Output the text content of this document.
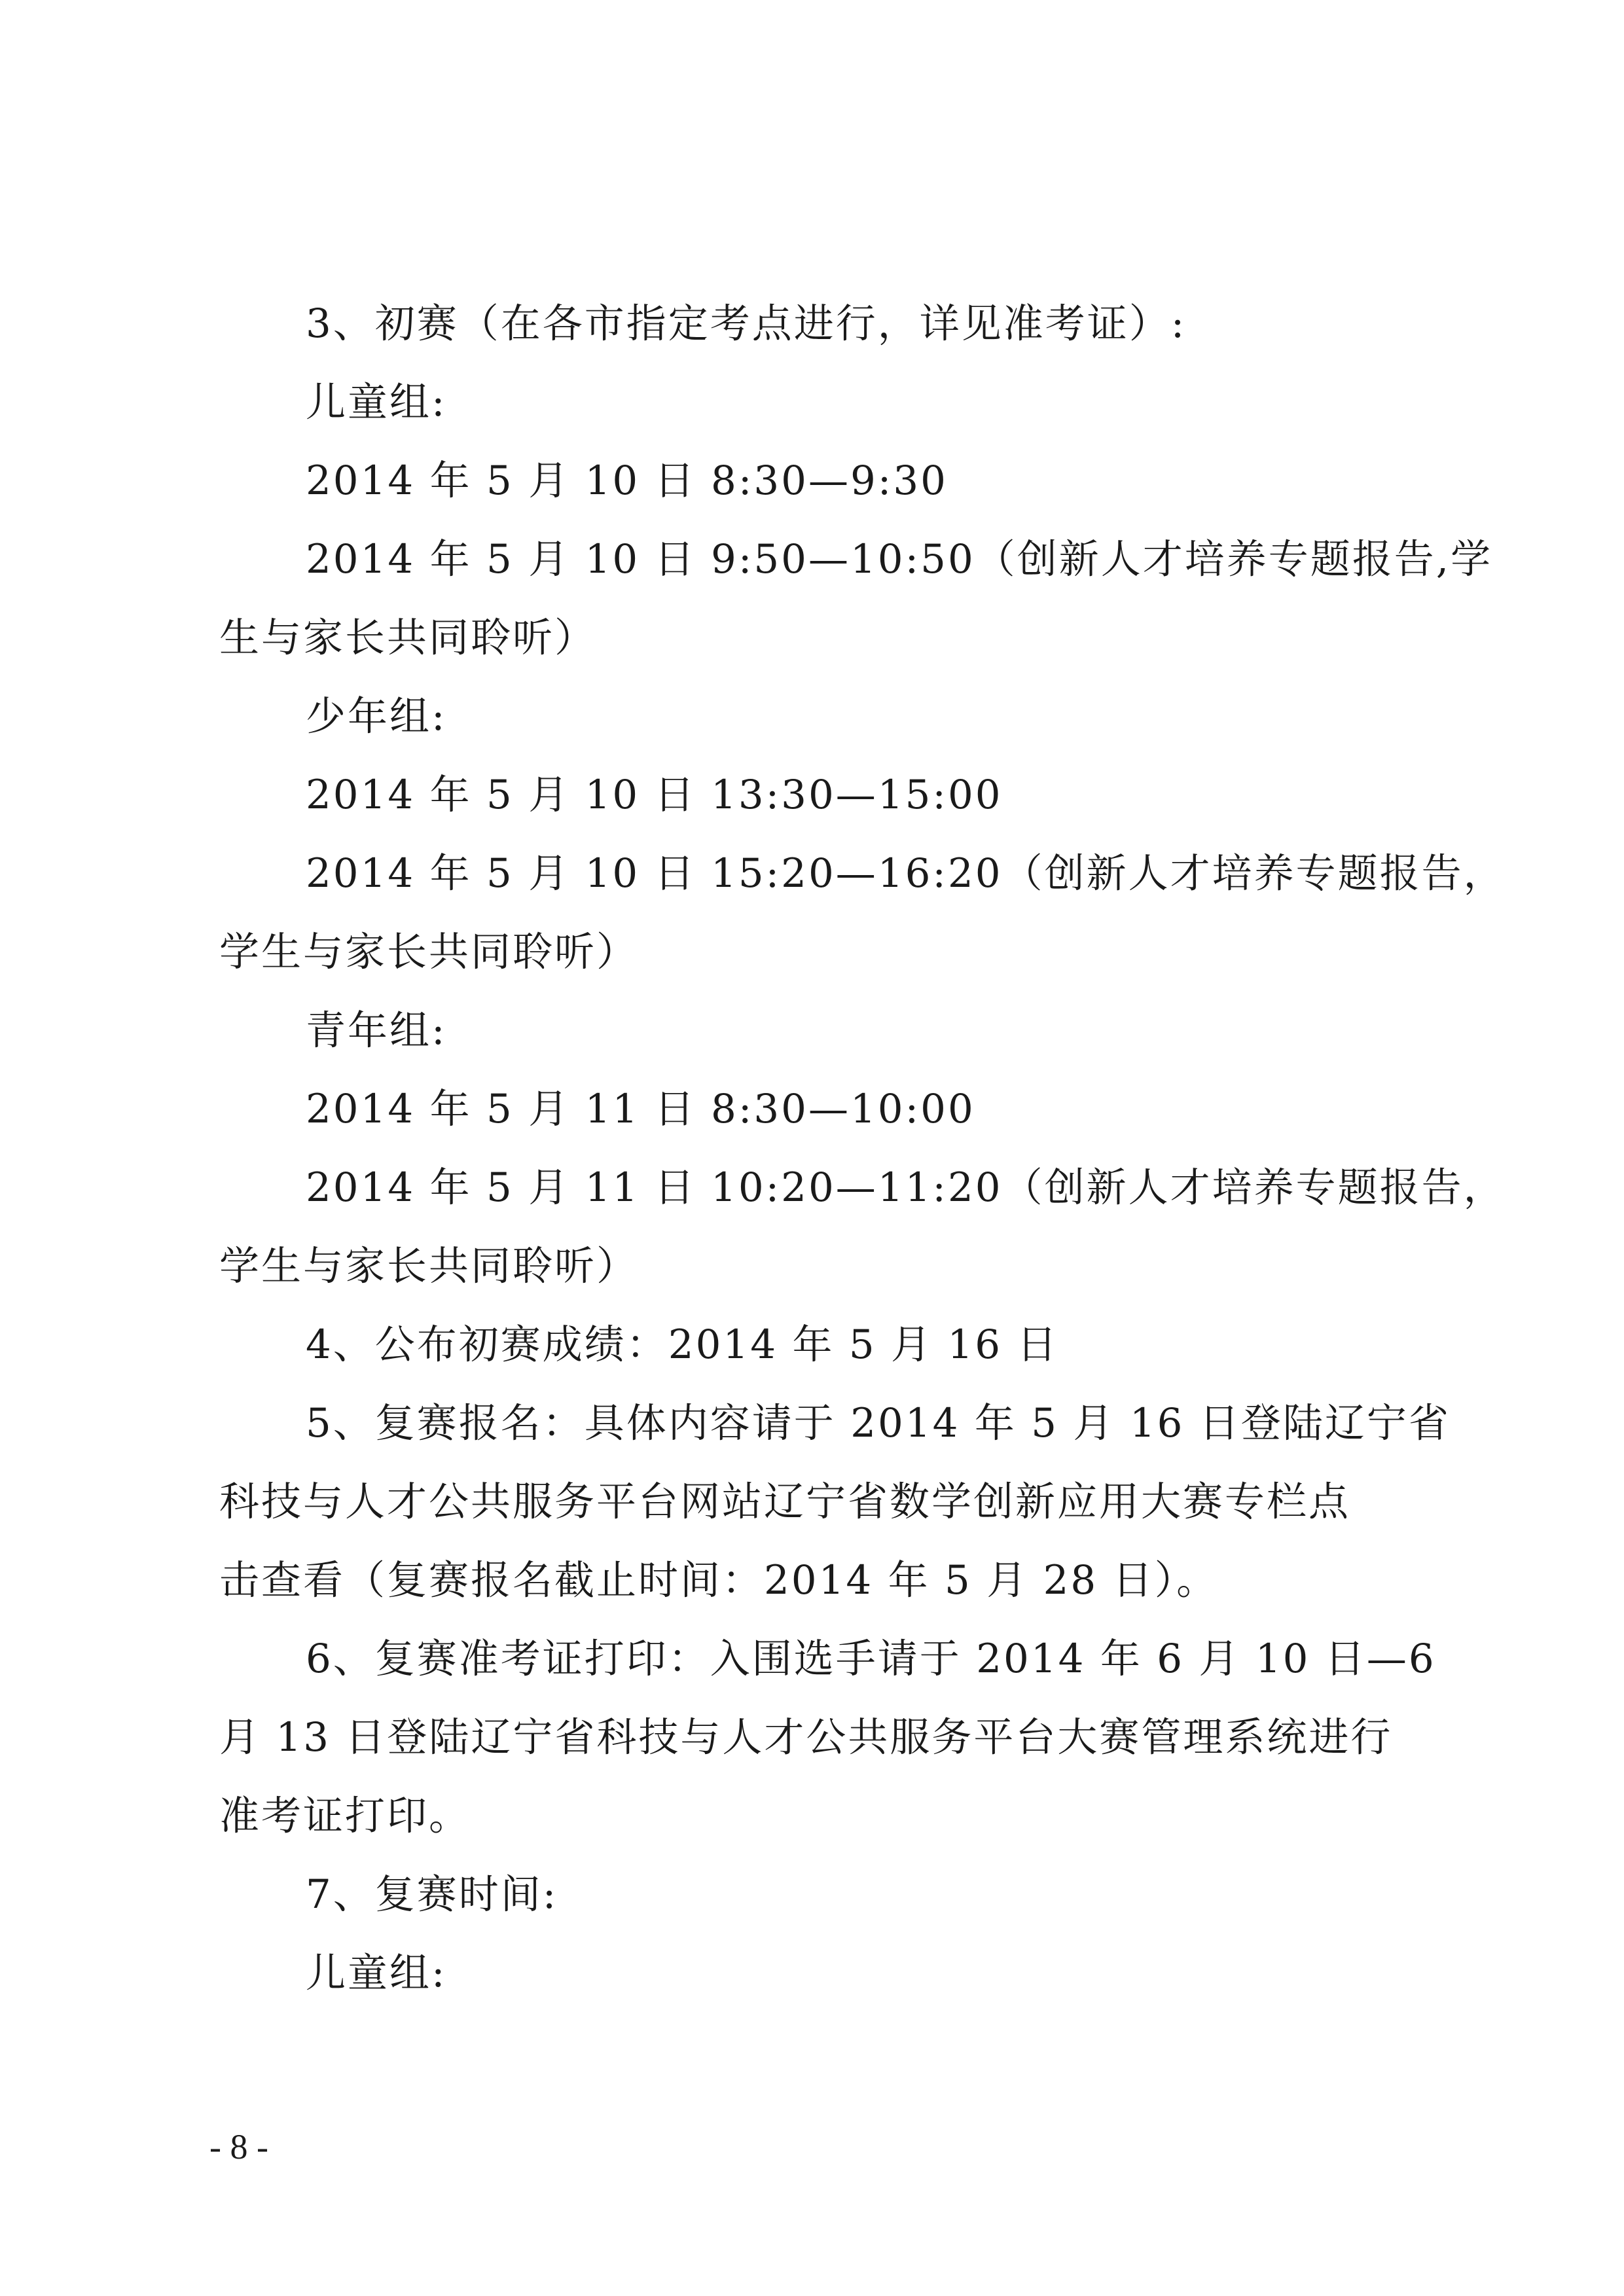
3、初赛（在各市指定考点进行，详见准考证）:
儿童组:
2014 年 5 月 10 日 8:30—9:30
2014 年 5 月 10 日 9:50—10:50（创新人才培养专题报告,学
生与家长共同聆听）
少年组:
2014 年 5 月 10 日 13:30—15:00
2014 年 5 月 10 日 15:20—16:20（创新人才培养专题报告，
学生与家长共同聆听）
青年组:
2014 年 5 月 11 日 8:30—10:00
2014 年 5 月 11 日 10:20—11:20（创新人才培养专题报告，
学生与家长共同聆听）
4、公布初赛成绩：2014 年 5 月 16 日
5、复赛报名：具体内容请于 2014 年 5 月 16 日登陆辽宁省
科技与人才公共服务平台网站辽宁省数学创新应用大赛专栏点
击查看（复赛报名截止时间：2014 年 5 月 28 日）。
6、复赛准考证打印：入围选手请于 2014 年 6 月 10 日—6
月 13 日登陆辽宁省科技与人才公共服务平台大赛管理系统进行
准考证打印。
7、复赛时间:
儿童组:
- 8 -
